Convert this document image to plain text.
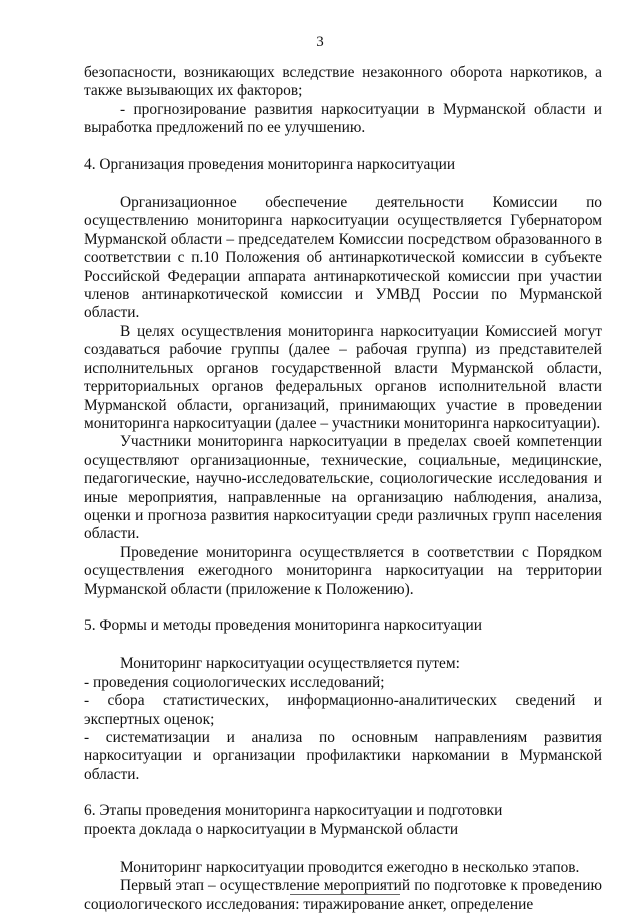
3

безопасности, возникающих вследствие незаконного оборота наркотиков, а также вызывающих их факторов;

- прогнозирование развития наркоситуации в Мурманской области и выработка предложений по ее улучшению.

4. Организация проведения мониторинга наркоситуации

Организационное обеспечение деятельности Комиссии по осуществлению мониторинга наркоситуации осуществляется Губернатором Мурманской области – председателем Комиссии посредством образованного в соответствии с п.10 Положения об антинаркотической комиссии в субъекте Российской Федерации аппарата антинаркотической комиссии при участии членов антинаркотической комиссии и УМВД России по Мурманской области.

В целях осуществления мониторинга наркоситуации Комиссией могут создаваться рабочие группы (далее – рабочая группа) из представителей исполнительных органов государственной власти Мурманской области, территориальных органов федеральных органов исполнительной власти Мурманской области, организаций, принимающих участие в проведении мониторинга наркоситуации (далее – участники мониторинга наркоситуации).

Участники мониторинга наркоситуации в пределах своей компетенции осуществляют организационные, технические, социальные, медицинские, педагогические, научно-исследовательские, социологические исследования и иные мероприятия, направленные на организацию наблюдения, анализа, оценки и прогноза развития наркоситуации среди различных групп населения области.

Проведение мониторинга осуществляется в соответствии с Порядком осуществления ежегодного мониторинга наркоситуации на территории Мурманской области (приложение к Положению).

5. Формы и методы проведения мониторинга наркоситуации

Мониторинг наркоситуации осуществляется путем:

- проведения социологических исследований;

- сбора статистических, информационно-аналитических сведений и экспертных оценок;

- систематизации и анализа по основным направлениям развития наркоситуации и организации профилактики наркомании в Мурманской области.

6. Этапы проведения мониторинга наркоситуации и подготовки

проекта доклада о наркоситуации в Мурманской области

Мониторинг наркоситуации проводится ежегодно в несколько этапов.

Первый этап – осуществление мероприятий по подготовке к проведению социологического исследования: тиражирование анкет, определение
